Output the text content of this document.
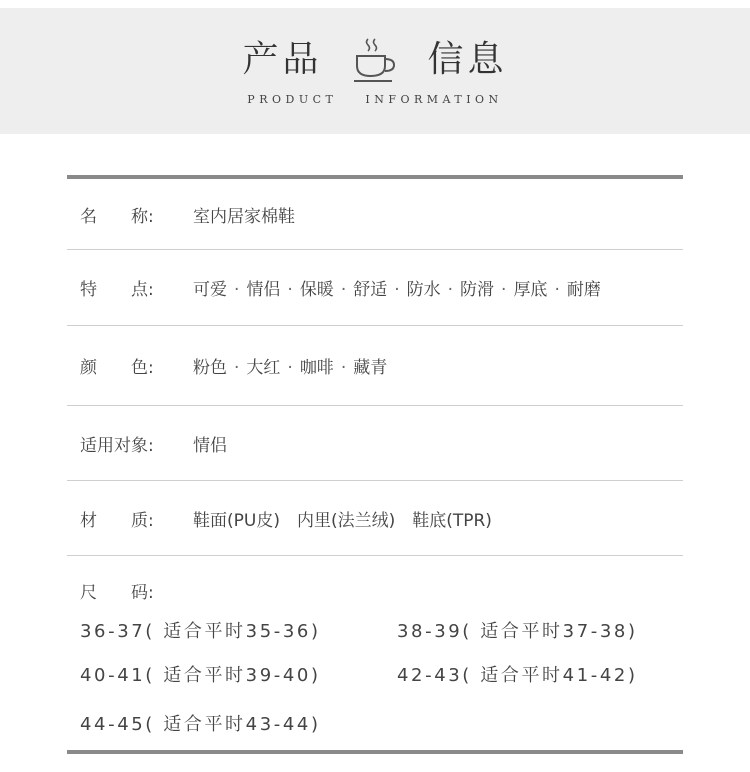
产品	信息
PRODUCT	INFORMATION
名　　称:	室内居家棉鞋
特　　点:	可爱 · 情侣 · 保暖 · 舒适 · 防水 · 防滑 · 厚底 · 耐磨
颜　　色:	粉色 · 大红 · 咖啡 · 藏青
适用对象:	情侣
材　　质:	鞋面(PU皮)　内里(法兰绒)　鞋底(TPR)
尺　　码:
36-37( 适合平时35-36)	38-39( 适合平时37-38)
40-41( 适合平时39-40)	42-43( 适合平时41-42)
44-45( 适合平时43-44)
